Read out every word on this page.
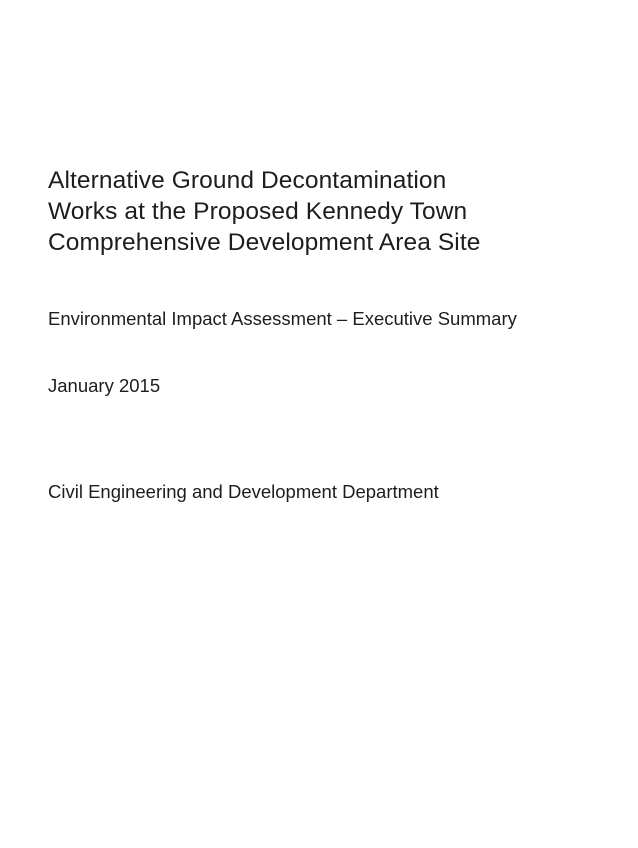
Alternative Ground Decontamination
Works at the Proposed Kennedy Town
Comprehensive Development Area Site
Environmental Impact Assessment – Executive Summary
January 2015
Civil Engineering and Development Department
